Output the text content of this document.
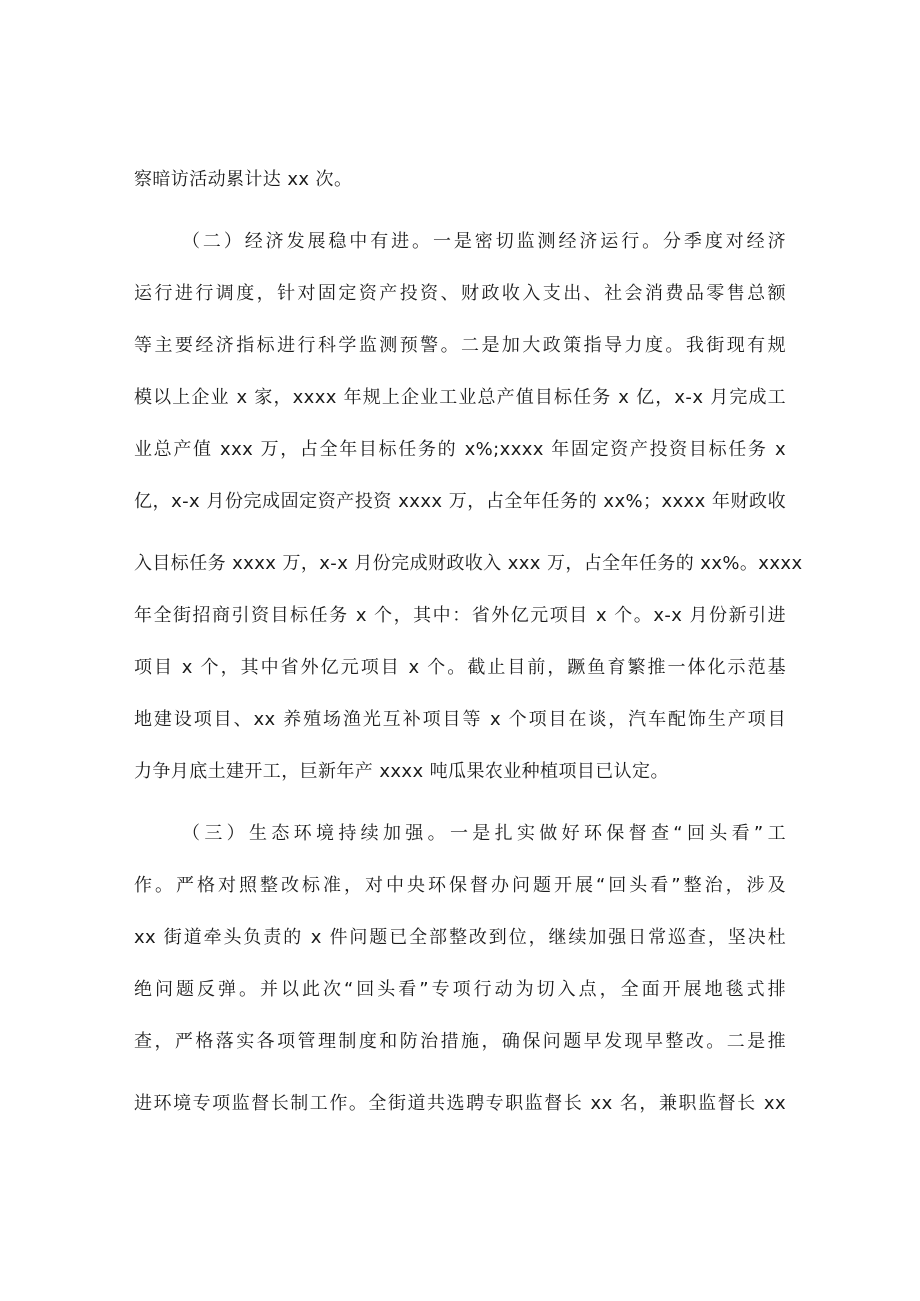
察暗访活动累计达 xx 次。
（二）经济发展稳中有进。一是密切监测经济运行。分季度对经济
运行进行调度，针对固定资产投资、财政收入支出、社会消费品零售总额
等主要经济指标进行科学监测预警。二是加大政策指导力度。我街现有规
模以上企业 x 家，xxxx 年规上企业工业总产值目标任务 x 亿，x-x 月完成工
业总产值 xxx 万，占全年目标任务的 x%;xxxx 年固定资产投资目标任务 x
亿，x-x 月份完成固定资产投资 xxxx 万，占全年任务的 xx%；xxxx 年财政收
入目标任务 xxxx 万，x-x 月份完成财政收入 xxx 万，占全年任务的 xx%。xxxx
年全街招商引资目标任务 x 个，其中：省外亿元项目 x 个。x-x 月份新引进
项目 x 个，其中省外亿元项目 x 个。截止目前，蹶鱼育繁推一体化示范基
地建设项目、xx 养殖场渔光互补项目等 x 个项目在谈，汽车配饰生产项目
力争月底土建开工，巨新年产 xxxx 吨瓜果农业种植项目已认定。
（三）生态环境持续加强。一是扎实做好环保督查“回头看”工
作。严格对照整改标准，对中央环保督办问题开展“回头看”整治，涉及
xx 街道牵头负责的 x 件问题已全部整改到位，继续加强日常巡查，坚决杜
绝问题反弹。并以此次“回头看”专项行动为切入点，全面开展地毯式排
查，严格落实各项管理制度和防治措施，确保问题早发现早整改。二是推
进环境专项监督长制工作。全街道共选聘专职监督长 xx 名，兼职监督长 xx
